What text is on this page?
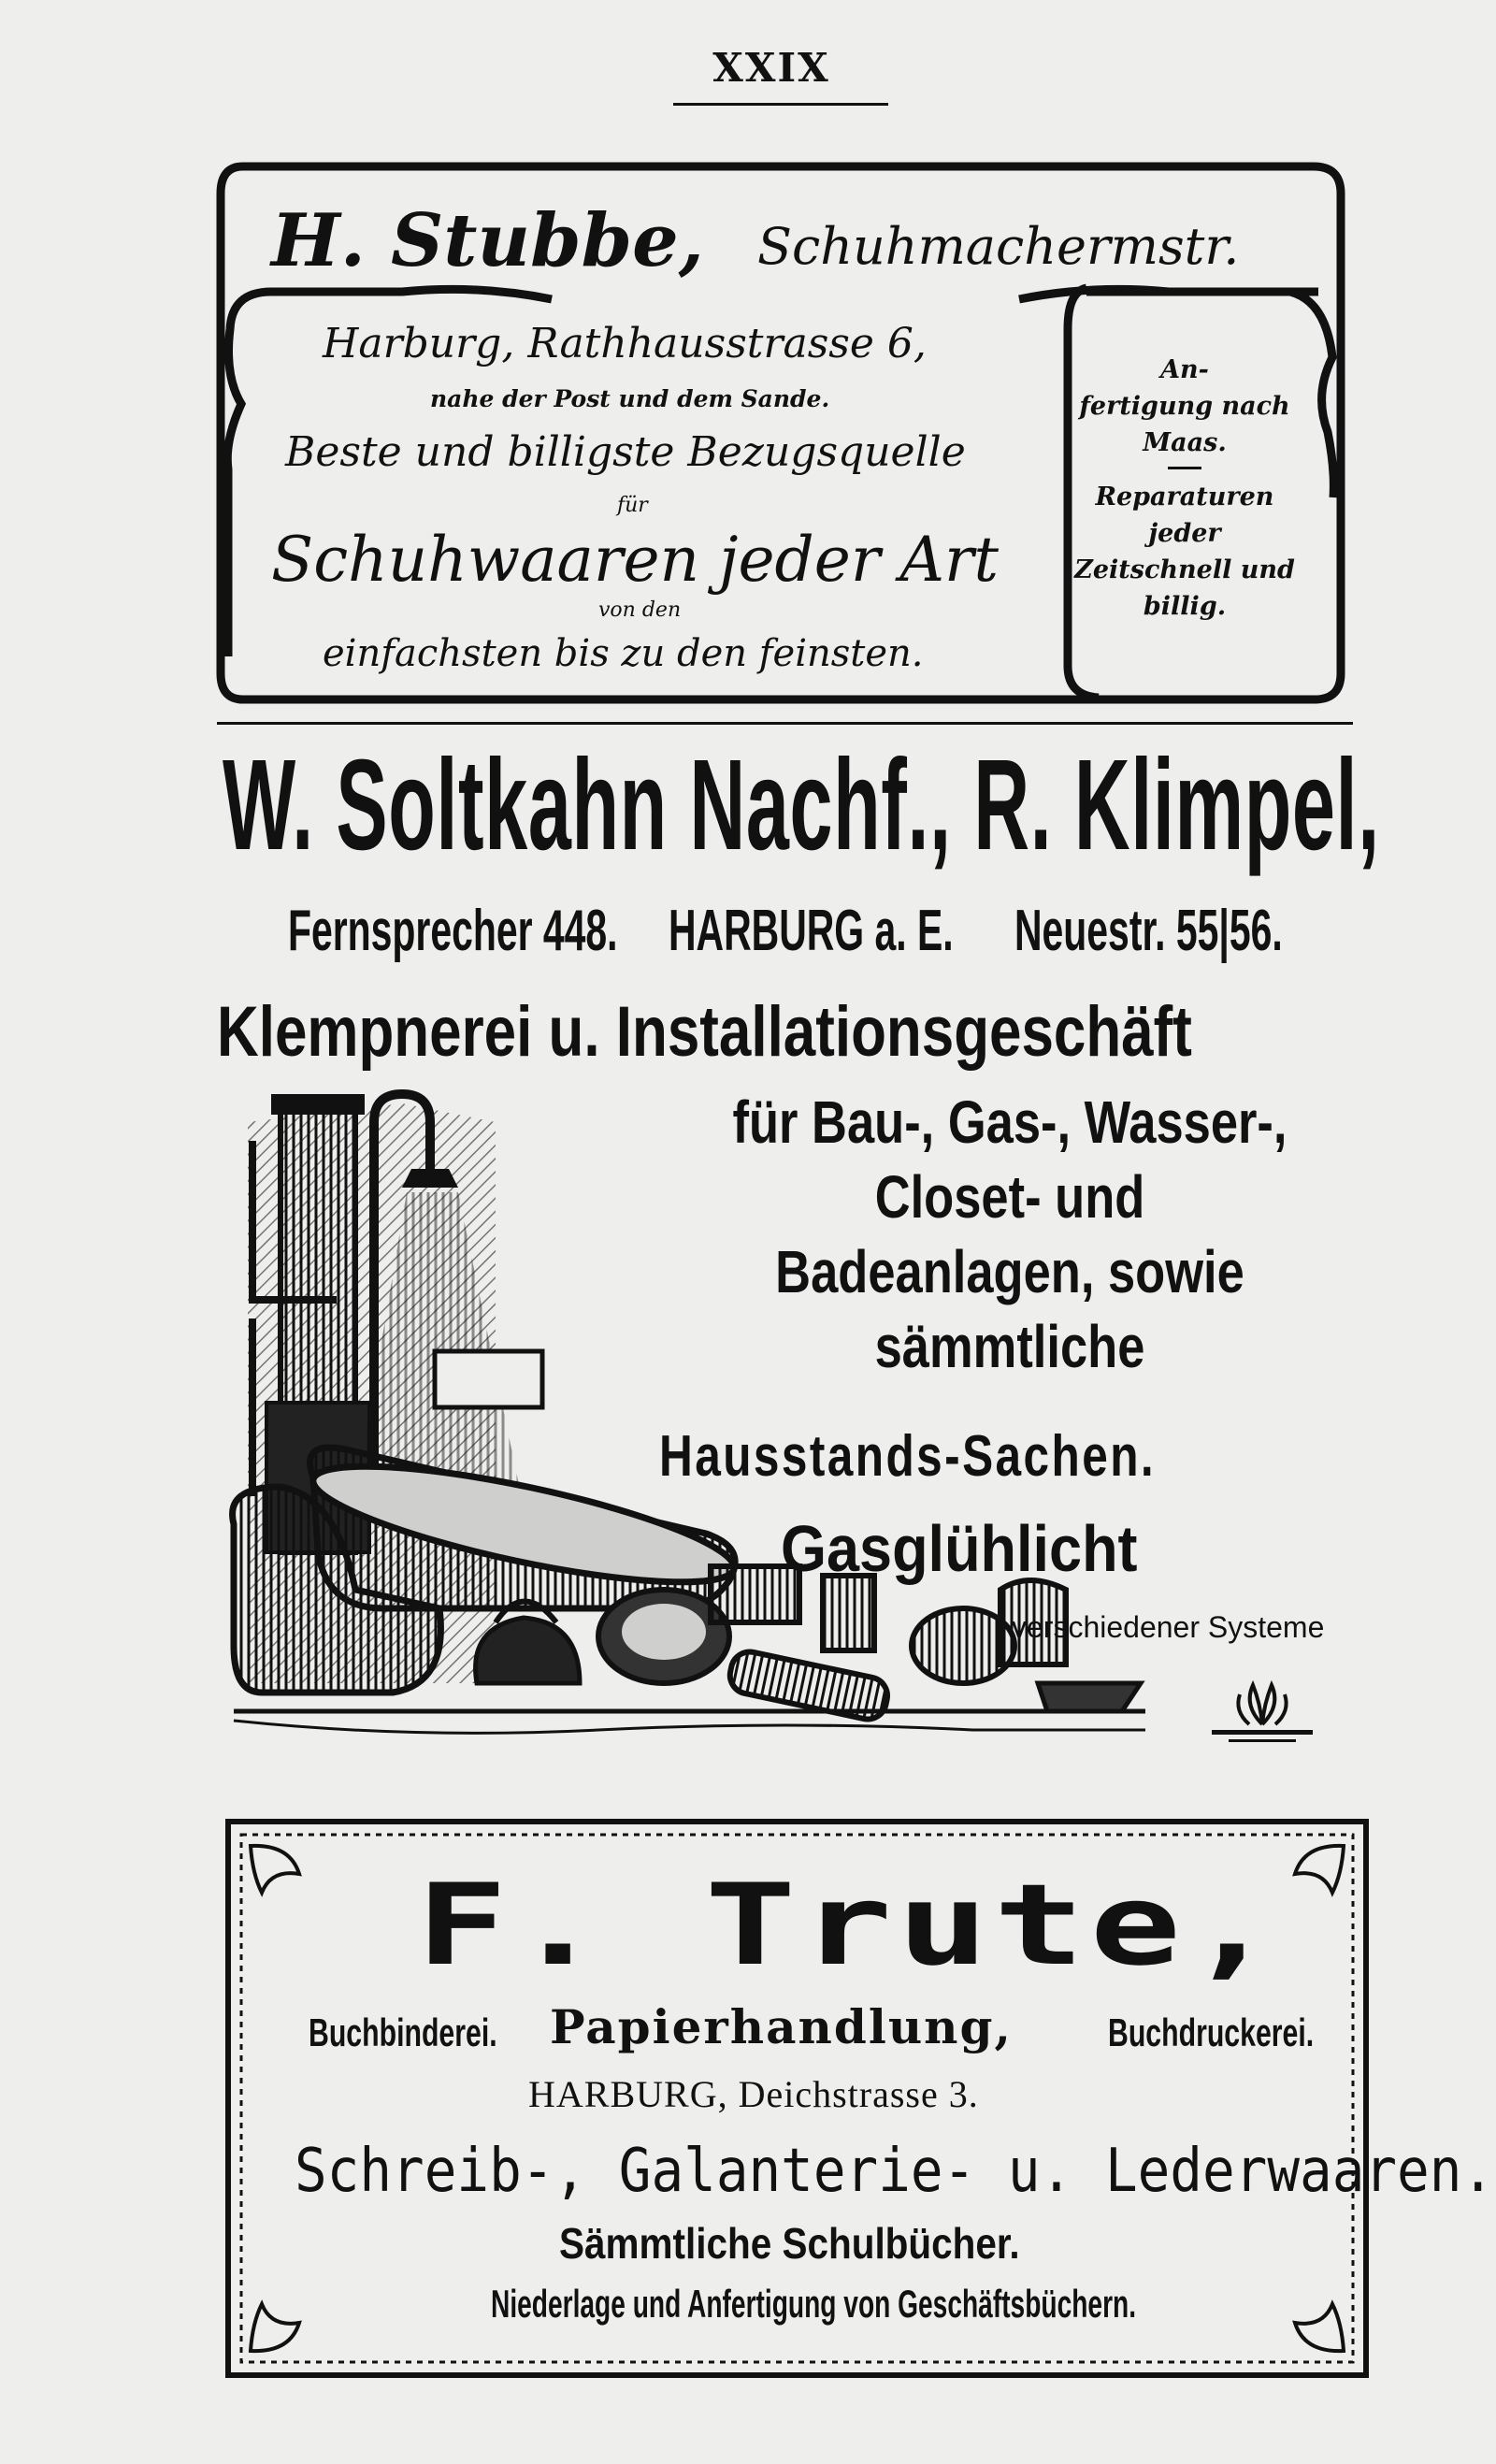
XXIX
H. Stubbe, Schuhmachermstr.
Harburg, Rathhausstrasse 6,
nahe der Post und dem Sande.
Beste und billigste Bezugsquelle
für
Schuhwaaren jeder Art
von den
einfachsten bis zu den feinsten.
An-
fertigung nach
Maas.
Reparaturen
jeder
Zeitschnell und
billig.
W. Soltkahn Nachf., R. Klimpel,
Fernsprecher 448. HARBURG a. E. Neuestr. 55|56.
Klempnerei u. Installationsgeschäft
für Bau-, Gas-, Wasser-,
Closet- und
Badeanlagen, sowie
sämmtliche
Hausstands-Sachen.
Gasglühlicht
verschiedener Systeme
F. Trute,
Buchbinderei. Papierhandlung, Buchdruckerei.
HARBURG, Deichstrasse 3.
Schreib-, Galanterie- u. Lederwaaren.
Sämmtliche Schulbücher.
Niederlage und Anfertigung von Geschäftsbüchern.
